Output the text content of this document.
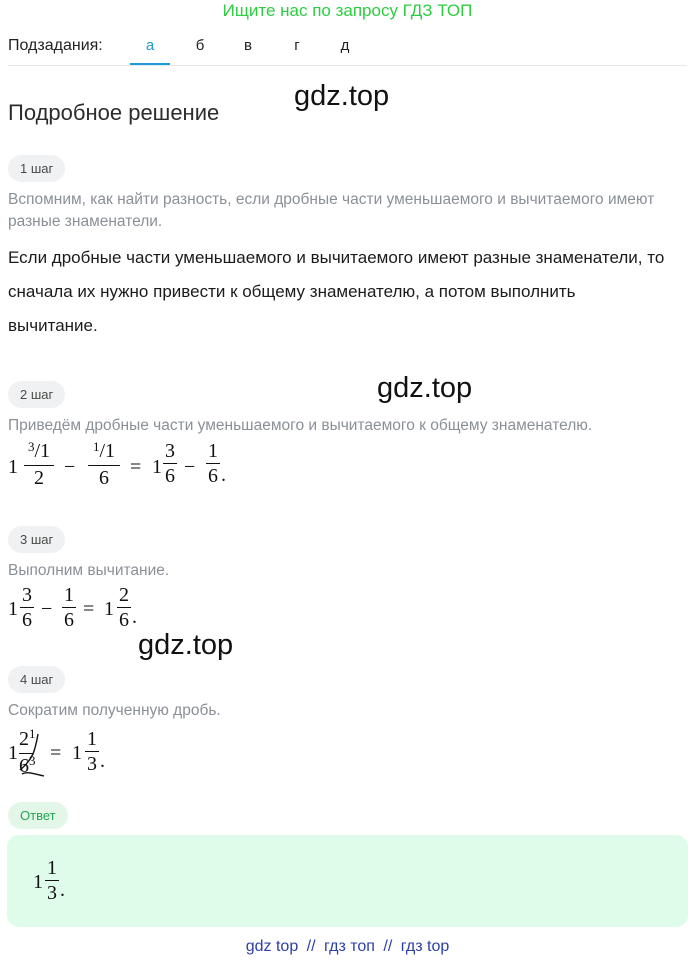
Ищите нас по запросу ГДЗ ТОП
Подзадания:	а	б	в	г	д
Подробное решение
gdz.top
gdz.top
gdz.top
1 шаг
Вспомним, как найти разность, если дробные части уменьшаемого и вычитаемого имеют разные знаменатели.
Если дробные части уменьшаемого и вычитаемого имеют разные знаменатели, то сначала их нужно привести к общему знаменателю, а потом выполнить вычитание.
2 шаг
Приведём дробные части уменьшаемого и вычитаемого к общему знаменателю.
1
$^3$/1
2
−
$^1$/1
6
= 1
3
6 −
1
6 .
3 шаг
Выполним вычитание.
1
3
6
−
1
6
= 1
2
6 .
4 шаг
Сократим полученную дробь.
1
$2^1$
$6^3 = 1$
1
3 .
Ответ
1
1
3 .
gdz top // гдз топ // гдз top
